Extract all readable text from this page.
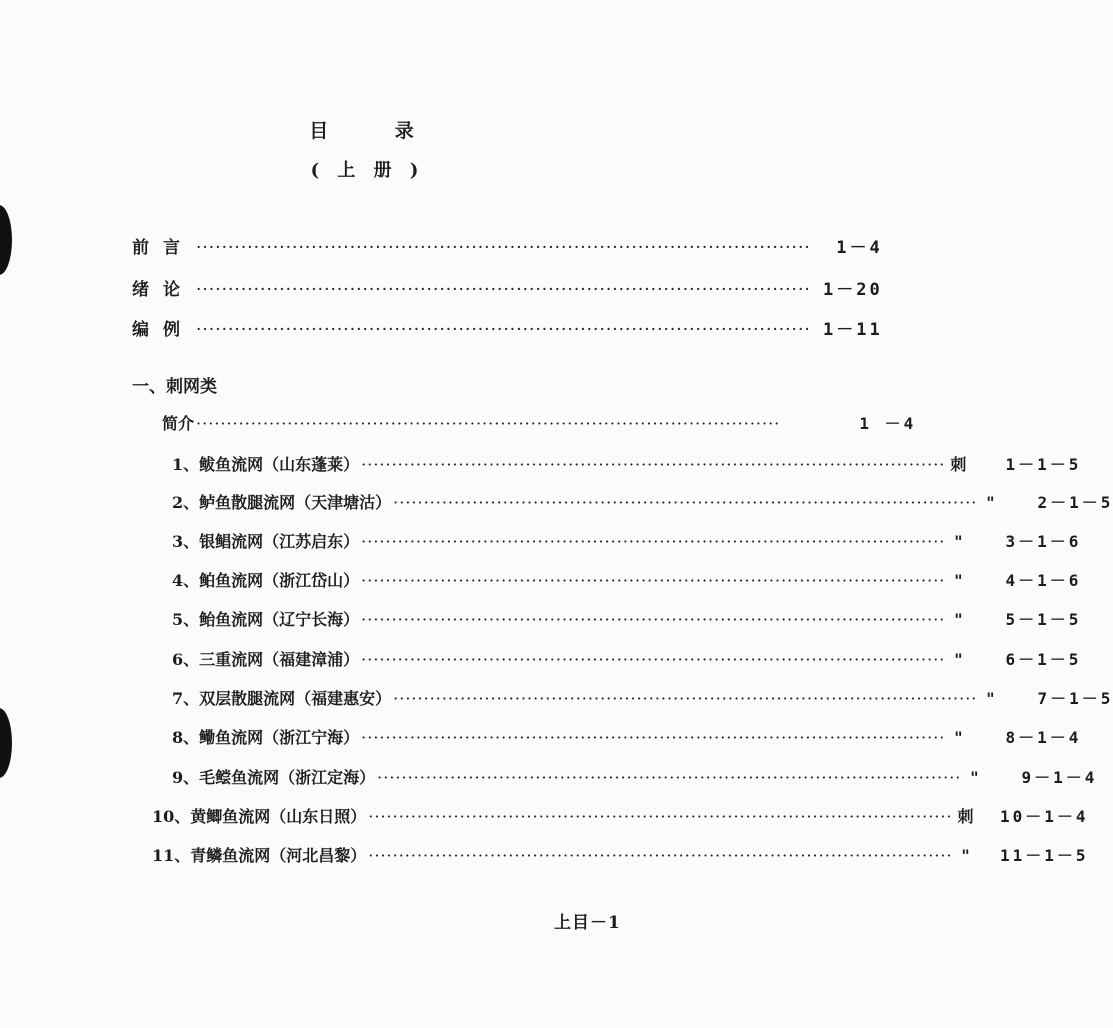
目 录
( 上 册 )
前言 ································································································	1－4
绪论 ································································································ 1－20
编例 ································································································ 1－11
一、刺网类
简介 ································································································	1 －4
1、鲅鱼流网（山东蓬莱） ································································································ 刺	1－1－5
2、鲈鱼散腿流网（天津塘沽） ································································································ "	2－1－5
3、银鲳流网（江苏启东） ································································································ "	3－1－6
4、鲌鱼流网（浙江岱山） ································································································ "	4－1－6
5、鲐鱼流网（辽宁长海） ································································································ "	5－1－5
6、三重流网（福建漳浦） ································································································ "	6－1－5
7、双层散腿流网（福建惠安） ································································································ "	7－1－5
8、鳓鱼流网（浙江宁海） ································································································ "	8－1－4
9、毛鲿鱼流网（浙江定海） ································································································ "	9－1－4
10、黄鲫鱼流网（山东日照） ································································································ 刺	10－1－4
11、青鳞鱼流网（河北昌黎） ································································································ "	11－1－5
上目－1
